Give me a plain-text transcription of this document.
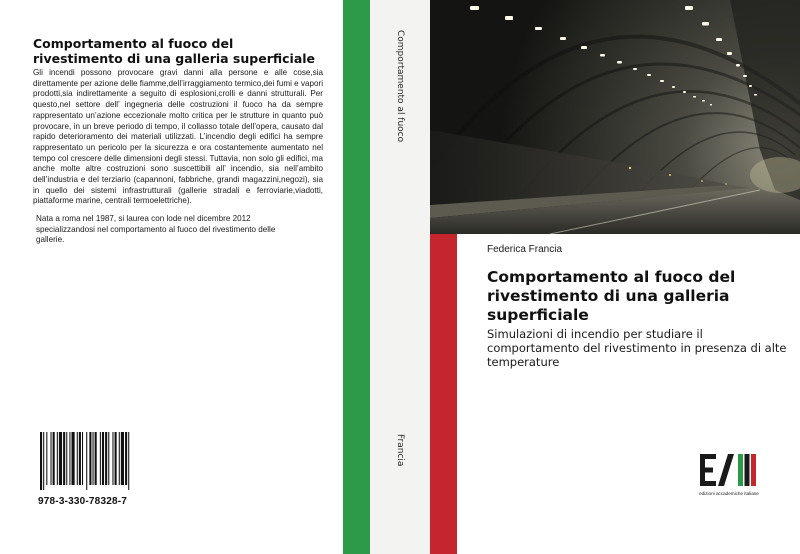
Comportamento al fuoco del rivestimento di una galleria superficiale

Gli incendi possono provocare gravi danni alla persone e alle cose,sia direttamente per azione delle fiamme,dell’irraggiamento termico,dei fumi e vapori prodotti,sia indirettamente a seguito di esplosioni,crolli e danni strutturali. Per questo,nel settore dell’ ingegneria delle costruzioni il fuoco ha da sempre rappresentato un’azione eccezionale molto critica per le strutture in quanto può provocare, in un breve periodo di tempo, il collasso totale dell’opera, causato dal rapido deterioramento dei materiali utilizzati. L’incendio degli edifici ha sempre rappresentato un pericolo per la sicurezza e ora costantemente aumentato nel tempo col crescere delle dimensioni degli stessi. Tuttavia, non solo gli edifici, ma anche molte altre costruzioni sono suscettibili all’ incendio, sia nell’ambito dell’industria e del terziario (capannoni, fabbriche, grandi magazzini,negozi), sia in quello dei sistemi infrastrutturali (gallerie stradali e ferroviarie,viadotti, piattaforme marine, centrali termoelettriche).

Nata a roma nel 1987, si laurea con lode nel dicembre 2012 specializzandosi nel comportamento al fuoco del rivestimento delle gallerie.

978-3-330-78328-7
Comportamento al fuoco
Francia
Federica Francia
Comportamento al fuoco del rivestimento di una galleria superficiale

Simulazioni di incendio per studiare il comportamento del rivestimento in presenza di alte temperature

edizioni accademiche italiane
